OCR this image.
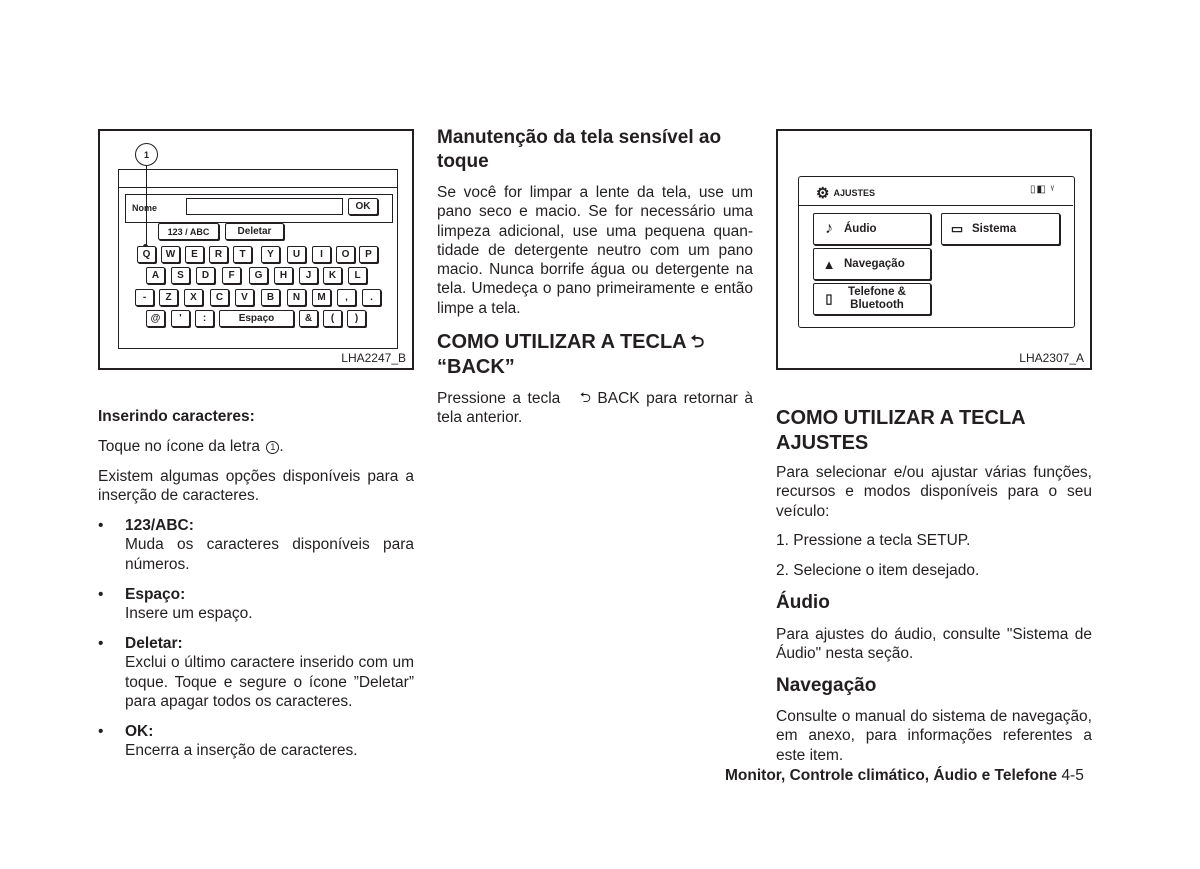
1
Nome	OK
123 / ABC	Deletar
Q	W	E	R	T	Y	U	I	O	P
A	S	D	F	G	H	J	K	L
-	Z	X	C	V	B	N	M	,	.
@	'	:	Espaço	&	(	)
LHA2247_B
Inserindo caracteres:

Toque no ícone da letra 1 .

Existem algumas opções disponíveis para a inserção de caracteres.

• 123/ABC:

Muda os caracteres disponíveis para números.

• Espaço:

Insere um espaço.

• Deletar:

Exclui o último caractere inserido com um toque. Toque e segure o ícone ”Deletar” para apagar todos os caracteres.

• OK:

Encerra a inserção de caracteres.

Manutenção da tela sensível ao toque

Se você for limpar a lente da tela, use um pano seco e macio. Se for necessário uma limpeza adicional, use uma pequena quan-tidade de detergente neutro com um pano macio. Nunca borrife água ou detergente na tela. Umedeça o pano primeiramente e então limpe a tela.

COMO UTILIZAR A TECLA ⮌
“BACK”

Pressione a tecla ⮌ BACK para retornar à tela anterior.

⚙ AJUSTES	▯◧ ᵞ
♪ Áudio	▭ Sistema
▲ Navegação
▯	Telefone &
Bluetooth
LHA2307_A
COMO UTILIZAR A TECLA AJUSTES

Para selecionar e/ou ajustar várias funções, recursos e modos disponíveis para o seu veículo:

1. Pressione a tecla SETUP.

2. Selecione o item desejado.

Áudio

Para ajustes do áudio, consulte "Sistema de Áudio" nesta seção.

Navegação

Consulte o manual do sistema de navegação, em anexo, para informações referentes a este item.

Monitor, Controle climático, Áudio e Telefone 4-5
